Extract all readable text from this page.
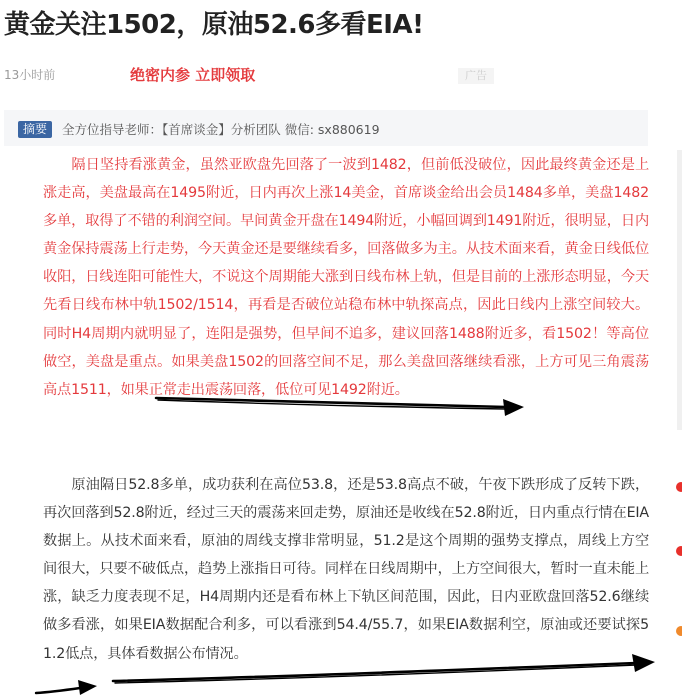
黄金关注1502，原油52.6多看EIA!
13小时前	绝密内参 立即领取	广告
摘要	全方位指导老师：【首席谈金】分析团队 微信: sx880619

隔日坚持看涨黄金，虽然亚欧盘先回落了一波到1482，但前低没破位，因此最终黄金还是上涨走高，美盘最高在1495附近，日内再次上涨14美金，首席谈金给出会员1484多单，美盘1482多单，取得了不错的利润空间。早间黄金开盘在1494附近，小幅回调到1491附近，很明显，日内黄金保持震荡上行走势，今天黄金还是要继续看多，回落做多为主。从技术面来看，黄金日线低位收阳，日线连阳可能性大，不说这个周期能大涨到日线布林上轨，但是目前的上涨形态明显，今天先看日线布林中轨1502/1514，再看是否破位站稳布林中轨探高点，因此日线内上涨空间较大。同时H4周期内就明显了，连阳是强势，但早间不追多，建议回落1488附近多，看1502！等高位做空，美盘是重点。如果美盘1502的回落空间不足，那么美盘回落继续看涨，上方可见三角震荡高点1511，如果正常走出震荡回落，低位可见1492附近。

原油隔日52.8多单，成功获利在高位53.8，还是53.8高点不破，午夜下跌形成了反转下跌，再次回落到52.8附近，经过三天的震荡来回走势，原油还是收线在52.8附近，日内重点行情在EIA数据上。从技术面来看，原油的周线支撑非常明显，51.2是这个周期的强势支撑点，周线上方空间很大，只要不破低点，趋势上涨指日可待。同样在日线周期中，上方空间很大，暂时一直未能上涨，缺乏力度表现不足，H4周期内还是看布林上下轨区间范围，因此，日内亚欧盘回落52.6继续做多看涨，如果EIA数据配合利多，可以看涨到54.4/55.7，如果EIA数据利空，原油或还要试探51.2低点，具体看数据公布情况。
